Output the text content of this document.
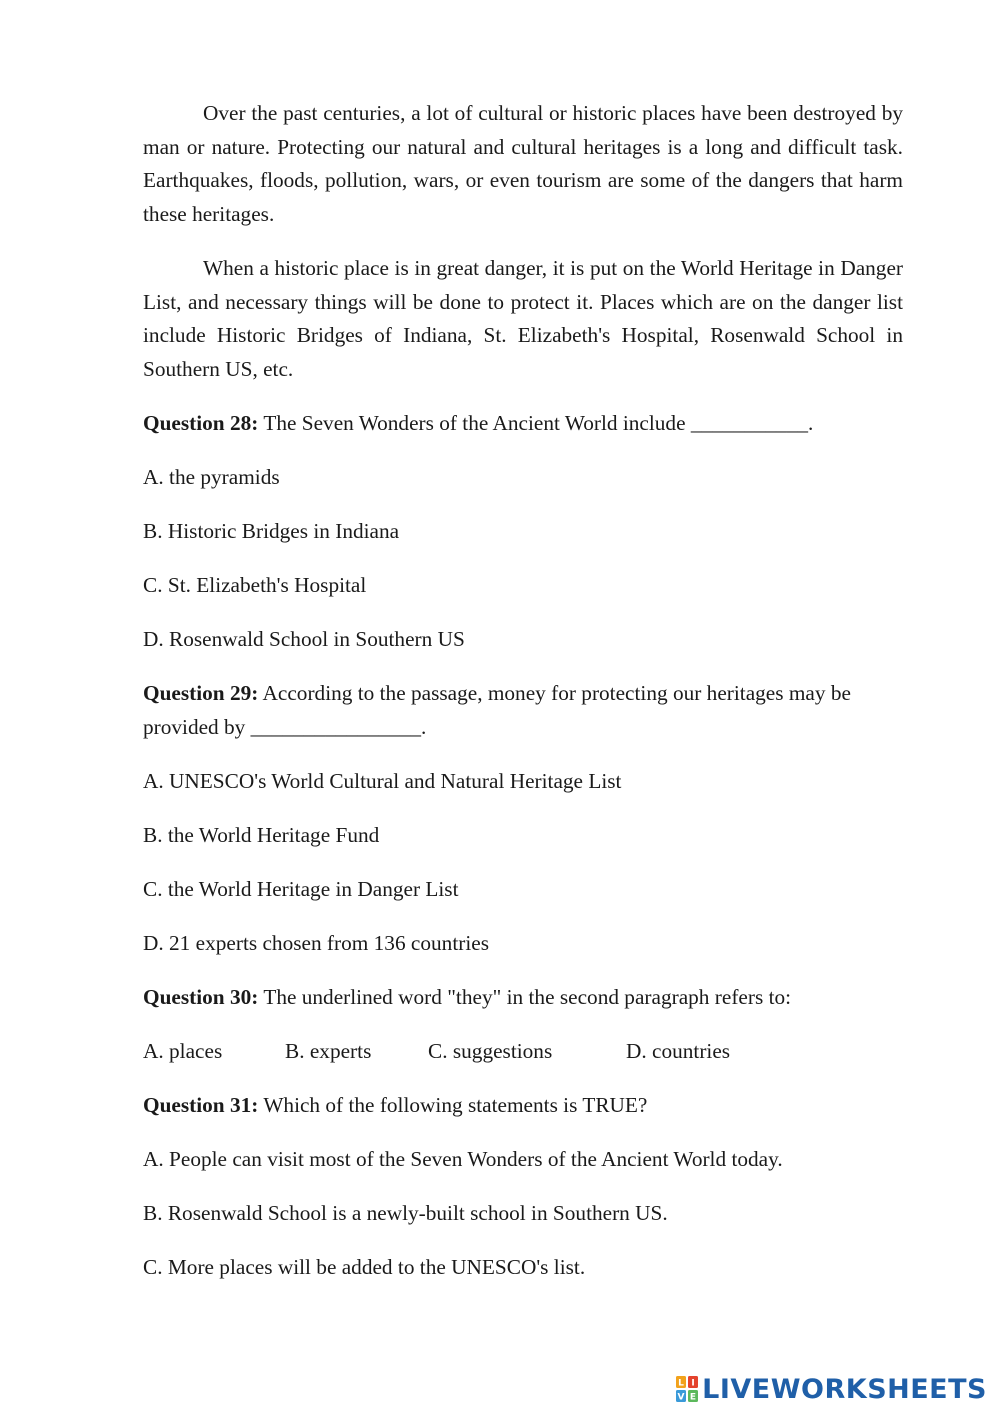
Over the past centuries, a lot of cultural or historic places have been destroyed by man or nature. Protecting our natural and cultural heritages is a long and difficult task. Earthquakes, floods, pollution, wars, or even tourism are some of the dangers that harm these heritages.

When a historic place is in great danger, it is put on the World Heritage in Danger List, and necessary things will be done to protect it. Places which are on the danger list include Historic Bridges of Indiana, St. Elizabeth's Hospital, Rosenwald School in Southern US, etc.

Question 28: The Seven Wonders of the Ancient World include ___________.

A. the pyramids

B. Historic Bridges in Indiana

C. St. Elizabeth's Hospital

D. Rosenwald School in Southern US

Question 29: According to the passage, money for protecting our heritages may be provided by ________________.

A. UNESCO's World Cultural and Natural Heritage List

B. the World Heritage Fund

C. the World Heritage in Danger List

D. 21 experts chosen from 136 countries

Question 30: The underlined word "they" in the second paragraph refers to:

A. places	B. experts	C. suggestions	D. countries

Question 31: Which of the following statements is TRUE?

A. People can visit most of the Seven Wonders of the Ancient World today.

B. Rosenwald School is a newly-built school in Southern US.

C. More places will be added to the UNESCO's list.

L I
V E LIVEWORKSHEETS
